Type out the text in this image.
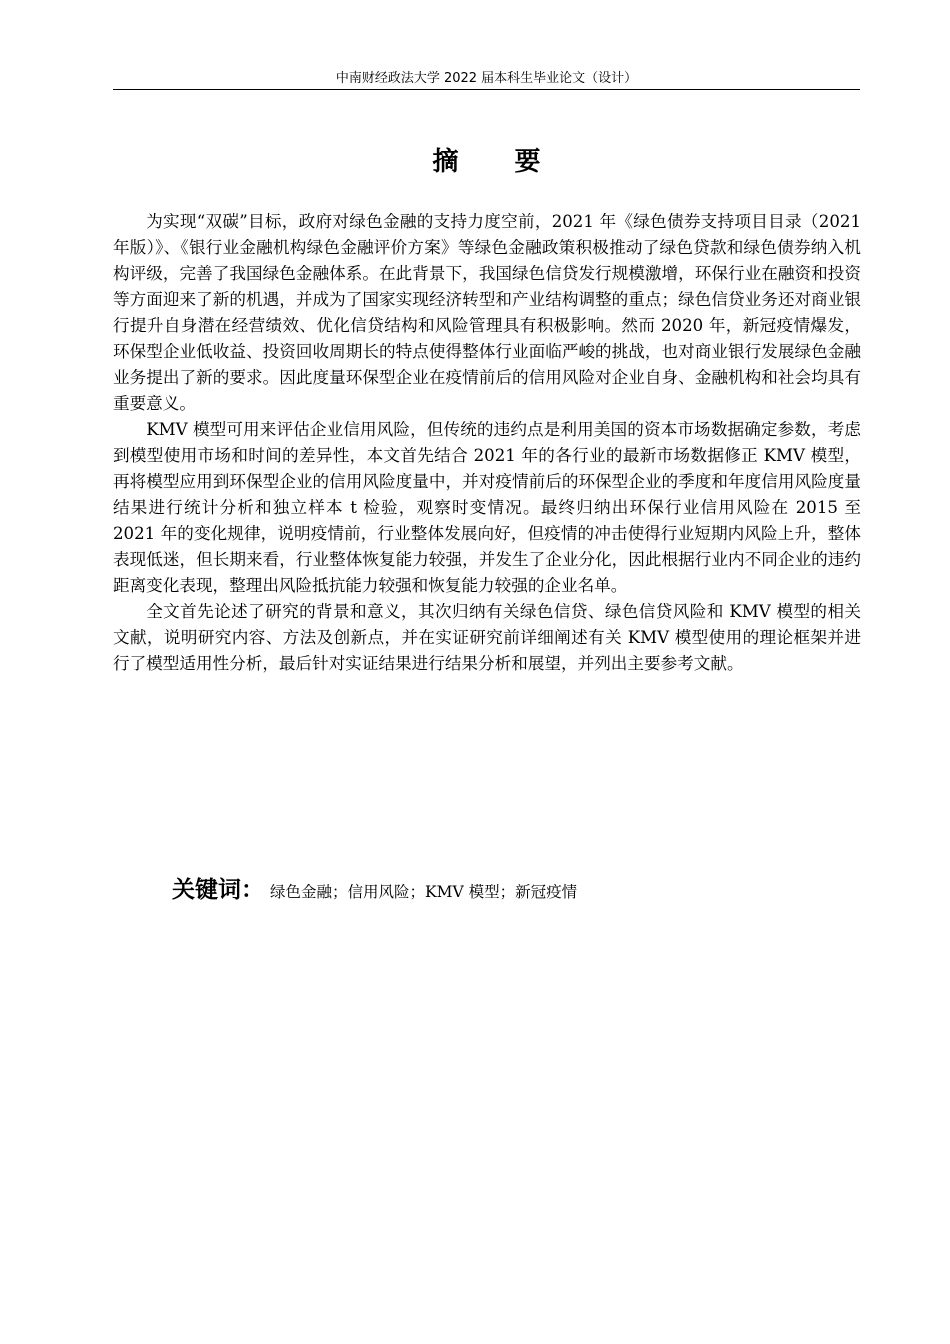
中南财经政法大学 2022 届本科生毕业论文（设计）
摘 要

为实现“双碳”目标，政府对绿色金融的支持力度空前，2021 年《绿色债券支持项目目录（2021 年版）》、《银行业金融机构绿色金融评价方案》等绿色金融政策积极推动了绿色贷款和绿色债券纳入机构评级，完善了我国绿色金融体系。在此背景下，我国绿色信贷发行规模激增，环保行业在融资和投资等方面迎来了新的机遇，并成为了国家实现经济转型和产业结构调整的重点；绿色信贷业务还对商业银行提升自身潜在经营绩效、优化信贷结构和风险管理具有积极影响。然而 2020 年，新冠疫情爆发，环保型企业低收益、投资回收周期长的特点使得整体行业面临严峻的挑战，也对商业银行发展绿色金融业务提出了新的要求。因此度量环保型企业在疫情前后的信用风险对企业自身、金融机构和社会均具有重要意义。

KMV 模型可用来评估企业信用风险，但传统的违约点是利用美国的资本市场数据确定参数，考虑到模型使用市场和时间的差异性，本文首先结合 2021 年的各行业的最新市场数据修正 KMV 模型，再将模型应用到环保型企业的信用风险度量中，并对疫情前后的环保型企业的季度和年度信用风险度量结果进行统计分析和独立样本 t 检验，观察时变情况。最终归纳出环保行业信用风险在 2015 至 2021 年的变化规律，说明疫情前，行业整体发展向好，但疫情的冲击使得行业短期内风险上升，整体表现低迷，但长期来看，行业整体恢复能力较强，并发生了企业分化，因此根据行业内不同企业的违约距离变化表现，整理出风险抵抗能力较强和恢复能力较强的企业名单。

全文首先论述了研究的背景和意义，其次归纳有关绿色信贷、绿色信贷风险和 KMV 模型的相关文献，说明研究内容、方法及创新点，并在实证研究前详细阐述有关 KMV 模型使用的理论框架并进行了模型适用性分析，最后针对实证结果进行结果分析和展望，并列出主要参考文献。

关键词： 绿色金融；信用风险；KMV 模型；新冠疫情
